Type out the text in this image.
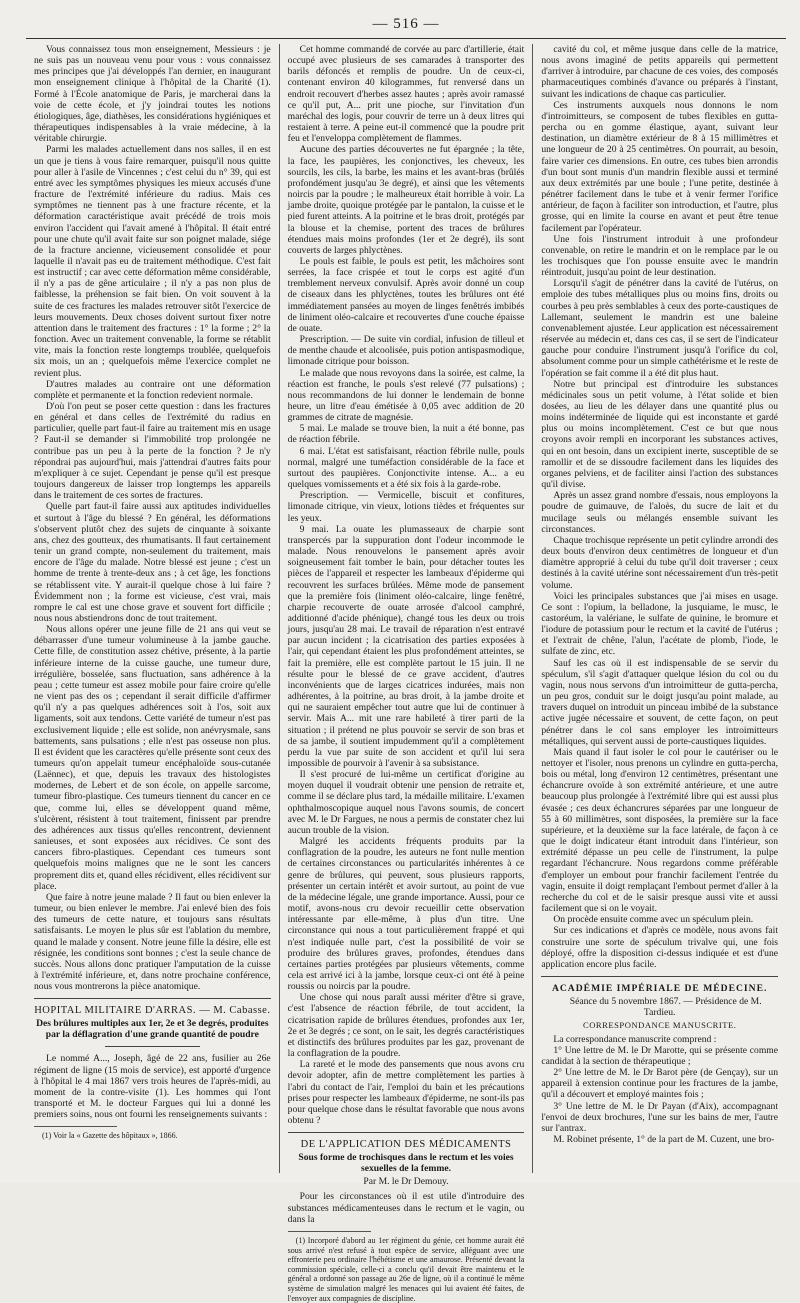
— 516 —

Vous connaissez tous mon enseignement, Messieurs : je ne suis pas un nouveau venu pour vous : vous connaissez mes principes que j'ai développés l'an dernier, en inaugurant mon enseignement clinique à l'hôpital de la Charité (1). Formé à l'École anatomique de Paris, je marcherai dans la voie de cette école, et j'y joindrai toutes les notions étiologiques, âge, diathèses, les considérations hygiéniques et thérapeutiques indispensables à la vraie médecine, à la véritable chirurgie.

Parmi les malades actuellement dans nos salles, il en est un que je tiens à vous faire remarquer, puisqu'il nous quitte pour aller à l'asile de Vincennes ; c'est celui du n° 39, qui est entré avec les symptômes physiques les mieux accusés d'une fracture de l'extrémité inférieure du radius. Mais ces symptômes ne tiennent pas à une fracture récente, et la déformation caractéristique avait précédé de trois mois environ l'accident qui l'avait amené à l'hôpital. Il était entré pour une chute qu'il avait faite sur son poignet malade, siége de la fracture ancienne, vicieusement consolidée et pour laquelle il n'avait pas eu de traitement méthodique. C'est fait est instructif ; car avec cette déformation même considérable, il n'y a pas de gêne articulaire ; il n'y a pas non plus de faiblesse, la préhension se fait bien. On voit souvent à la suite de ces fractures les malades retrouver sitôt l'exercice de leurs mouvements. Deux choses doivent surtout fixer notre attention dans le traitement des fractures : 1° la forme ; 2° la fonction. Avec un traitement convenable, la forme se rétablit vite, mais la fonction reste longtemps troublée, quelquefois six mois, un an ; quelquefois même l'exercice complet ne revient plus.

D'autres malades au contraire ont une déformation complète et permanente et la fonction redevient normale.

D'où l'on peut se poser cette question : dans les fractures en général et dans celles de l'extrémité du radius en particulier, quelle part faut-il faire au traitement mis en usage ? Faut-il se demander si l'immobilité trop prolongée ne contribue pas un peu à la perte de la fonction ? Je n'y répondrai pas aujourd'hui, mais j'attendrai d'autres faits pour m'expliquer à ce sujet. Cependant je pense qu'il est presque toujours dangereux de laisser trop longtemps les appareils dans le traitement de ces sortes de fractures.

Quelle part faut-il faire aussi aux aptitudes individuelles et surtout à l'âge du blessé ? En général, les déformations s'observent plutôt chez des sujets de cinquante à soixante ans, chez des goutteux, des rhumatisants. Il faut certainement tenir un grand compte, non-seulement du traitement, mais encore de l'âge du malade. Notre blessé est jeune ; c'est un homme de trente à trente-deux ans ; à cet âge, les fonctions se rétablissent vite. Y aurait-il quelque chose à lui faire ? Évidemment non ; la forme est vicieuse, c'est vrai, mais rompre le cal est une chose grave et souvent fort difficile ; nous nous abstiendrons donc de tout traitement.

Nous allons opérer une jeune fille de 21 ans qui veut se débarrasser d'une tumeur volumineuse à la jambe gauche. Cette fille, de constitution assez chétive, présente, à la partie inférieure interne de la cuisse gauche, une tumeur dure, irrégulière, bosselée, sans fluctuation, sans adhérence à la peau ; cette tumeur est assez mobile pour faire croire qu'elle ne vient pas des os ; cependant il serait difficile d'affirmer qu'il n'y a pas quelques adhérences soit à l'os, soit aux ligaments, soit aux tendons. Cette variété de tumeur n'est pas exclusivement liquide ; elle est solide, non anévrysmale, sans battements, sans pulsations ; elle n'est pas osseuse non plus. Il est évident que les caractères qu'elle présente sont ceux des tumeurs qu'on appelait tumeur encéphaloïde sous-cutanée (Laënnec), et que, depuis les travaux des histologistes modernes, de Lebert et de son école, on appelle sarcome, tumeur fibro-plastique. Ces tumeurs tiennent du cancer en ce que, comme lui, elles se développent quand même, s'ulcèrent, résistent à tout traitement, finissent par prendre des adhérences aux tissus qu'elles rencontrent, deviennent sanieuses, et sont exposées aux récidives. Ce sont des cancers fibro-plastiques. Cependant ces tumeurs sont quelquefois moins malignes que ne le sont les cancers proprement dits et, quand elles récidivent, elles récidivent sur place.

Que faire à notre jeune malade ? Il faut ou bien enlever la tumeur, ou bien enlever le membre. J'ai enlevé bien des fois des tumeurs de cette nature, et toujours sans résultats satisfaisants. Le moyen le plus sûr est l'ablation du membre, quand le malade y consent. Notre jeune fille la désire, elle est résignée, les conditions sont bonnes ; c'est la seule chance de succès. Nous allons donc pratiquer l'amputation de la cuisse à l'extrémité inférieure, et, dans notre prochaine conférence, nous vous montrerons la pièce anatomique.

HOPITAL MILITAIRE D'ARRAS. — M. Cabasse.
Des brûlures multiples aux 1er, 2e et 3e degrés, produites par la déflagration d'une grande quantité de poudre

Le nommé A..., Joseph, âgé de 22 ans, fusilier au 26e régiment de ligne (15 mois de service), est apporté d'urgence à l'hôpital le 4 mai 1867 vers trois heures de l'après-midi, au moment de la contre-visite (1). Les hommes qui l'ont transporté et M. le docteur Fargues qui lui a donné les premiers soins, nous ont fourni les renseignements suivants :

(1) Voir la « Gazette des hôpitaux », 1866.

Cet homme commandé de corvée au parc d'artillerie, était occupé avec plusieurs de ses camarades à transporter des barils défoncés et remplis de poudre. Un de ceux-ci, contenant environ 40 kilogrammes, fut renversé dans un endroit recouvert d'herbes assez hautes ; après avoir ramassé ce qu'il put, A... prit une pioche, sur l'invitation d'un maréchal des logis, pour couvrir de terre un à deux litres qui restaient à terre. A peine eut-il commencé que la poudre prit feu et l'enveloppa complètement de flammes.

Aucune des parties découvertes ne fut épargnée ; la tête, la face, les paupières, les conjonctives, les cheveux, les sourcils, les cils, la barbe, les mains et les avant-bras (brûlés profondément jusqu'au 3e degré), et ainsi que les vêtements noircis par la poudre ; le malheureux était horrible à voir. La jambe droite, quoique protégée par le pantalon, la cuisse et le pied furent atteints. A la poitrine et le bras droit, protégés par la blouse et la chemise, portent des traces de brûlures étendues mais moins profondes (1er et 2e degré), ils sont couverts de larges phlyctènes.

Le pouls est faible, le pouls est petit, les mâchoires sont serrées, la face crispée et tout le corps est agité d'un tremblement nerveux convulsif. Après avoir donné un coup de ciseaux dans les phlyctènes, toutes les brûlures ont été immédiatement pansées au moyen de linges fenêtrés imbibés de liniment oléo-calcaire et recouvertes d'une couche épaisse de ouate.

Prescription. — De suite vin cordial, infusion de tilleul et de menthe chaude et alcoolisée, puis potion antispasmodique, limonade citrique pour boisson.

Le malade que nous revoyons dans la soirée, est calme, la réaction est franche, le pouls s'est relevé (77 pulsations) ; nous recommandons de lui donner le lendemain de bonne heure, un litre d'eau émétisée à 0,05 avec addition de 20 grammes de citrate de magnésie.

5 mai. Le malade se trouve bien, la nuit a été bonne, pas de réaction fébrile.

6 mai. L'état est satisfaisant, réaction fébrile nulle, pouls normal, malgré une tuméfaction considérable de la face et surtout des paupières. Conjonctivite intense. A... a eu quelques vomissements et a été six fois à la garde-robe.

Prescription. — Vermicelle, biscuit et confitures, limonade citrique, vin vieux, lotions tièdes et fréquentes sur les yeux.

9 mai. La ouate les plumasseaux de charpie sont transpercés par la suppuration dont l'odeur incommode le malade. Nous renouvelons le pansement après avoir soigneusement fait tomber le bain, pour détacher toutes les pièces de l'appareil et respecter les lambeaux d'épiderme qui recouvrent les surfaces brûlées. Même mode de pansement que la première fois (liniment oléo-calcaire, linge fenêtré, charpie recouverte de ouate arrosée d'alcool camphré, additionné d'acide phénique), changé tous les deux ou trois jours, jusqu'au 28 mai. Le travail de réparation n'est entravé par aucun incident ; la cicatrisation des parties exposées à l'air, qui cependant étaient les plus profondément atteintes, se fait la première, elle est complète partout le 15 juin. Il ne résulte pour le blessé de ce grave accident, d'autres inconvénients que de larges cicatrices indurées, mais non adhérentes, à la poitrine, au bras droit, à la jambe droite et qui ne sauraient empêcher tout autre que lui de continuer à servir. Mais A... mit une rare habileté à tirer parti de la situation ; il prétend ne plus pouvoir se servir de son bras et de sa jambe, il soutient impudemment qu'il a complètement perdu la vue par suite de son accident et qu'il lui sera impossible de pourvoir à l'avenir à sa subsistance.

Il s'est procuré de lui-même un certificat d'origine au moyen duquel il voudrait obtenir une pension de retraite et, comme il se déclare plus tard, la médaille militaire. L'examen ophthalmoscopique auquel nous l'avons soumis, de concert avec M. le Dr Fargues, ne nous a permis de constater chez lui aucun trouble de la vision.

Malgré les accidents fréquents produits par la conflagration de la poudre, les auteurs ne font nulle mention de certaines circonstances ou particularités inhérentes à ce genre de brûlures, qui peuvent, sous plusieurs rapports, présenter un certain intérêt et avoir surtout, au point de vue de la médecine légale, une grande importance. Aussi, pour ce motif, avons-nous cru devoir recueillir cette observation intéressante par elle-même, à plus d'un titre. Une circonstance qui nous a tout particulièrement frappé et qui n'est indiquée nulle part, c'est la possibilité de voir se produire des brûlures graves, profondes, étendues dans certaines parties protégées par plusieurs vêtements, comme cela est arrivé ici à la jambe, lorsque ceux-ci ont été à peine roussis ou noircis par la poudre.

Une chose qui nous paraît aussi mériter d'être si grave, c'est l'absence de réaction fébrile, de tout accident, la cicatrisation rapide de brûlures étendues, profondes aux 1er, 2e et 3e degrés ; ce sont, on le sait, les degrés caractéristiques et distinctifs des brûlures produites par les gaz, provenant de la conflagration de la poudre.

La rareté et le mode des pansements que nous avons cru devoir adopter, afin de mettre complètement les parties à l'abri du contact de l'air, l'emploi du bain et les précautions prises pour respecter les lambeaux d'épiderme, ne sont-ils pas pour quelque chose dans le résultat favorable que nous avons obtenu ?

DE L'APPLICATION DES MÉDICAMENTS
Sous forme de trochisques dans le rectum et les voies sexuelles de la femme.
Par M. le Dr Demouy.

Pour les circonstances où il est utile d'introduire des substances médicamenteuses dans le rectum et le vagin, ou dans la

(1) Incorporé d'abord au 1er régiment du génie, cet homme aurait été sous arrivé n'est refusé à tout espèce de service, alléguant avec une effronterie peu ordinaire l'hébétisme et une amaurose. Présenté devant la commission spéciale, celle-ci a conclu qu'il devait être maintenu et le général a ordonné son passage au 26e de ligne, où il a continué le même système de simulation malgré les menaces qui lui avaient été faites, de l'envoyer aux compagnies de discipline.

cavité du col, et même jusque dans celle de la matrice, nous avons imaginé de petits appareils qui permettent d'arriver à introduire, par chacune de ces voies, des composés pharmaceutiques combinés d'avance ou préparés à l'instant, suivant les indications de chaque cas particulier.

Ces instruments auxquels nous donnons le nom d'introimitteurs, se composent de tubes flexibles en gutta-percha ou en gomme élastique, ayant, suivant leur destination, un diamètre extérieur de 8 à 15 millimètres et une longueur de 20 à 25 centimètres. On pourrait, au besoin, faire varier ces dimensions. En outre, ces tubes bien arrondis d'un bout sont munis d'un mandrin flexible aussi et terminé aux deux extrémités par une boule ; l'une petite, destinée à pénétrer facilement dans le tube et à venir fermer l'orifice antérieur, de façon à faciliter son introduction, et l'autre, plus grosse, qui en limite la course en avant et peut être tenue facilement par l'opérateur.

Une fois l'instrument introduit à une profondeur convenable, on retire le mandrin et on le remplace par le ou les trochisques que l'on pousse ensuite avec le mandrin réintroduit, jusqu'au point de leur destination.

Lorsqu'il s'agit de pénétrer dans la cavité de l'utérus, on emploie des tubes métalliques plus ou moins fins, droits ou courbes à peu près semblables à ceux des porte-caustiques de Lallemant, seulement le mandrin est une baleine convenablement ajustée. Leur application est nécessairement réservée au médecin et, dans ces cas, il se sert de l'indicateur gauche pour conduire l'instrument jusqu'à l'orifice du col, absolument comme pour un simple cathétérisme et le reste de l'opération se fait comme il a été dit plus haut.

Notre but principal est d'introduire les substances médicinales sous un petit volume, à l'état solide et bien dosées, au lieu de les délayer dans une quantité plus ou moins indéterminée de liquide qui est inconstante et gardé plus ou moins incomplètement. C'est ce but que nous croyons avoir rempli en incorporant les substances actives, qui en ont besoin, dans un excipient inerte, susceptible de se ramollir et de se dissoudre facilement dans les liquides des organes pelviens, et de faciliter ainsi l'action des substances qu'il divise.

Après un assez grand nombre d'essais, nous employons la poudre de guimauve, de l'aloès, du sucre de lait et du mucilage seuls ou mélangés ensemble suivant les circonstances.

Chaque trochisque représente un petit cylindre arrondi des deux bouts d'environ deux centimètres de longueur et d'un diamètre approprié à celui du tube qu'il doit traverser ; ceux destinés à la cavité utérine sont nécessairement d'un très-petit volume.

Voici les principales substances que j'ai mises en usage. Ce sont : l'opium, la belladone, la jusquiame, le musc, le castoréum, la valériane, le sulfate de quinine, le bromure et l'iodure de potassium pour le rectum et la cavité de l'utérus ; et l'extrait de chêne, l'alun, l'acétate de plomb, l'iode, le sulfate de zinc, etc.

Sauf les cas où il est indispensable de se servir du spéculum, s'il s'agit d'attaquer quelque lésion du col ou du vagin, nous nous servons d'un introimitteur de gutta-percha, un peu gros, conduit sur le doigt jusqu'au point malade, au travers duquel on introduit un pinceau imbibé de la substance active jugée nécessaire et souvent, de cette façon, on peut pénétrer dans le col sans employer les introimitteurs métalliques, qui servent aussi de porte-caustiques liquides.

Mais quand il faut isoler le col pour le cautériser ou le nettoyer et l'isoler, nous prenons un cylindre en gutta-percha, bois ou métal, long d'environ 12 centimètres, présentant une échancrure ovoïde à son extrémité antérieure, et une autre beaucoup plus prolongée à l'extrémité libre qui est aussi plus évasée ; ces deux échancrures séparées par une longueur de 55 à 60 millimètres, sont disposées, la première sur la face supérieure, et la deuxième sur la face latérale, de façon à ce que le doigt indicateur étant introduit dans l'intérieur, son extrémité dépasse un peu celle de l'instrument, la pulpe regardant l'échancrure. Nous regardons comme préférable d'employer un embout pour franchir facilement l'entrée du vagin, ensuite il doigt remplaçant l'embout permet d'aller à la recherche du col et de le saisir presque aussi vite et aussi facilement que si on le voyait.

On procède ensuite comme avec un spéculum plein.

Sur ces indications et d'après ce modèle, nous avons fait construire une sorte de spéculum trivalve qui, une fois déployé, offre la disposition ci-dessus indiquée et est d'une application encore plus facile.

ACADÉMIE IMPÉRIALE DE MÉDECINE.

Séance du 5 novembre 1867. — Présidence de M. Tardieu.

CORRESPONDANCE MANUSCRITE.

La correspondance manuscrite comprend :

1° Une lettre de M. le Dr Marotte, qui se présente comme candidat à la section de thérapeutique ;

2° Une lettre de M. le Dr Barot père (de Gençay), sur un appareil à extension continue pour les fractures de la jambe, qu'il a découvert et employé maintes fois ;

3° Une lettre de M. le Dr Payan (d'Aix), accompagnant l'envoi de deux brochures, l'une sur les bains de mer, l'autre sur l'antrax.

M. Robinet présente, 1° de la part de M. Cuzent, une bro-
